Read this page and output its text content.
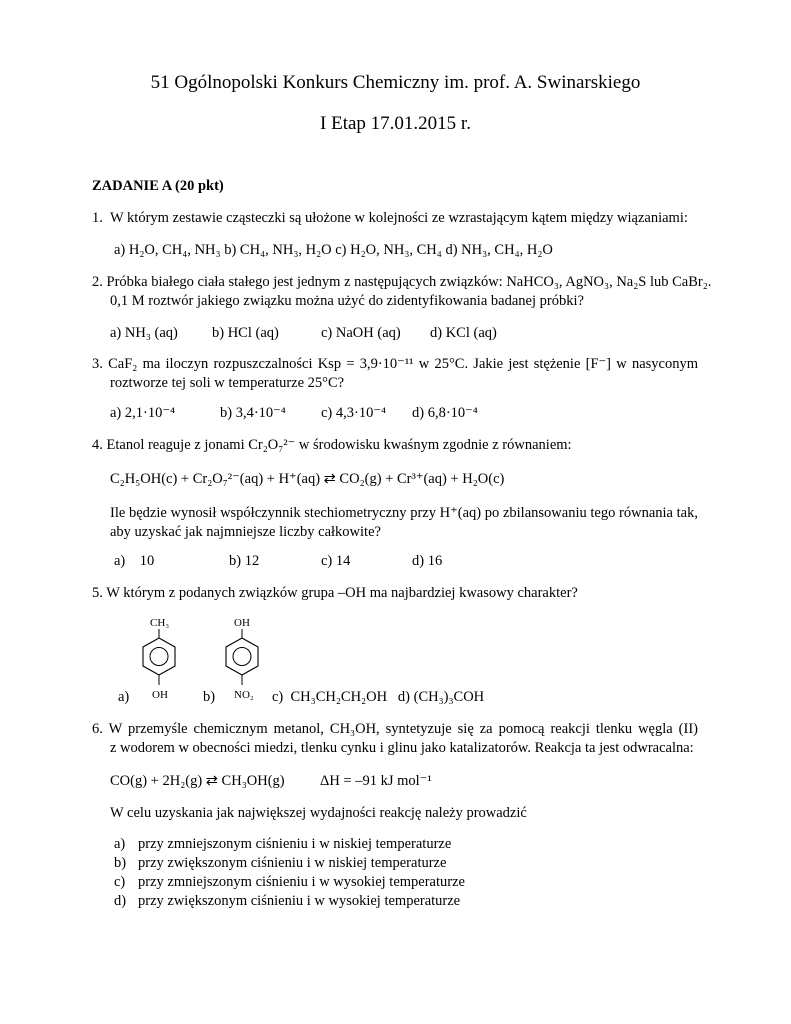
51 Ogólnopolski Konkurs Chemiczny im. prof. A. Swinarskiego
I Etap 17.01.2015 r.
ZADANIE A (20 pkt)
1. W którym zestawie cząsteczki są ułożone w kolejności ze wzrastającym kątem między wiązaniami:
a) H₂O, CH₄, NH₃ b) CH₄, NH₃, H₂O c) H₂O, NH₃, CH₄ d) NH₃, CH₄, H₂O
2. Próbka białego ciała stałego jest jednym z następujących związków: NaHCO₃, AgNO₃, Na₂S lub CaBr₂.
0,1 M roztwór jakiego związku można użyć do zidentyfikowania badanej próbki?
a) NH₃ (aq) b) HCl (aq)	c) NaOH (aq) d) KCl (aq)
3. CaF₂ ma iloczyn rozpuszczalności Ksp = 3,9·10⁻¹¹ w 25°C. Jakie jest stężenie [F⁻] w nasyconym
roztworze tej soli w temperaturze 25°C?
a) 2,1·10⁻⁴	b) 3,4·10⁻⁴ c) 4,3·10⁻⁴ d) 6,8·10⁻⁴
4. Etanol reaguje z jonami Cr₂O₇²⁻ w środowisku kwaśnym zgodnie z równaniem:
C₂H₅OH(c) + Cr₂O₇²⁻(aq) + H⁺(aq) ⇄ CO₂(g) + Cr³⁺(aq) + H₂O(c)
Ile będzie wynosił współczynnik stechiometryczny przy H⁺(aq) po zbilansowaniu tego równania tak,
aby uzyskać jak najmniejsze liczby całkowite?
a)    10	b) 12	c) 14	d) 16
5. W którym z podanych związków grupa –OH ma najbardziej kwasowy charakter?
CH₃
OH
OH
NO₂
a)	b)	c)  CH₃CH₂CH₂OH   d) (CH₃)₃COH
6. W przemyśle chemicznym metanol, CH₃OH, syntetyzuje się za pomocą reakcji tlenku węgla (II)
z wodorem w obecności miedzi, tlenku cynku i glinu jako katalizatorów. Reakcja ta jest odwracalna:
CO(g) + 2H₂(g) ⇄ CH₃OH(g) ΔH = –91 kJ mol⁻¹
W celu uzyskania jak największej wydajności reakcję należy prowadzić
a) przy zmniejszonym ciśnieniu i w niskiej temperaturze
b) przy zwiększonym ciśnieniu i w niskiej temperaturze
c) przy zmniejszonym ciśnieniu i w wysokiej temperaturze
d) przy zwiększonym ciśnieniu i w wysokiej temperaturze
